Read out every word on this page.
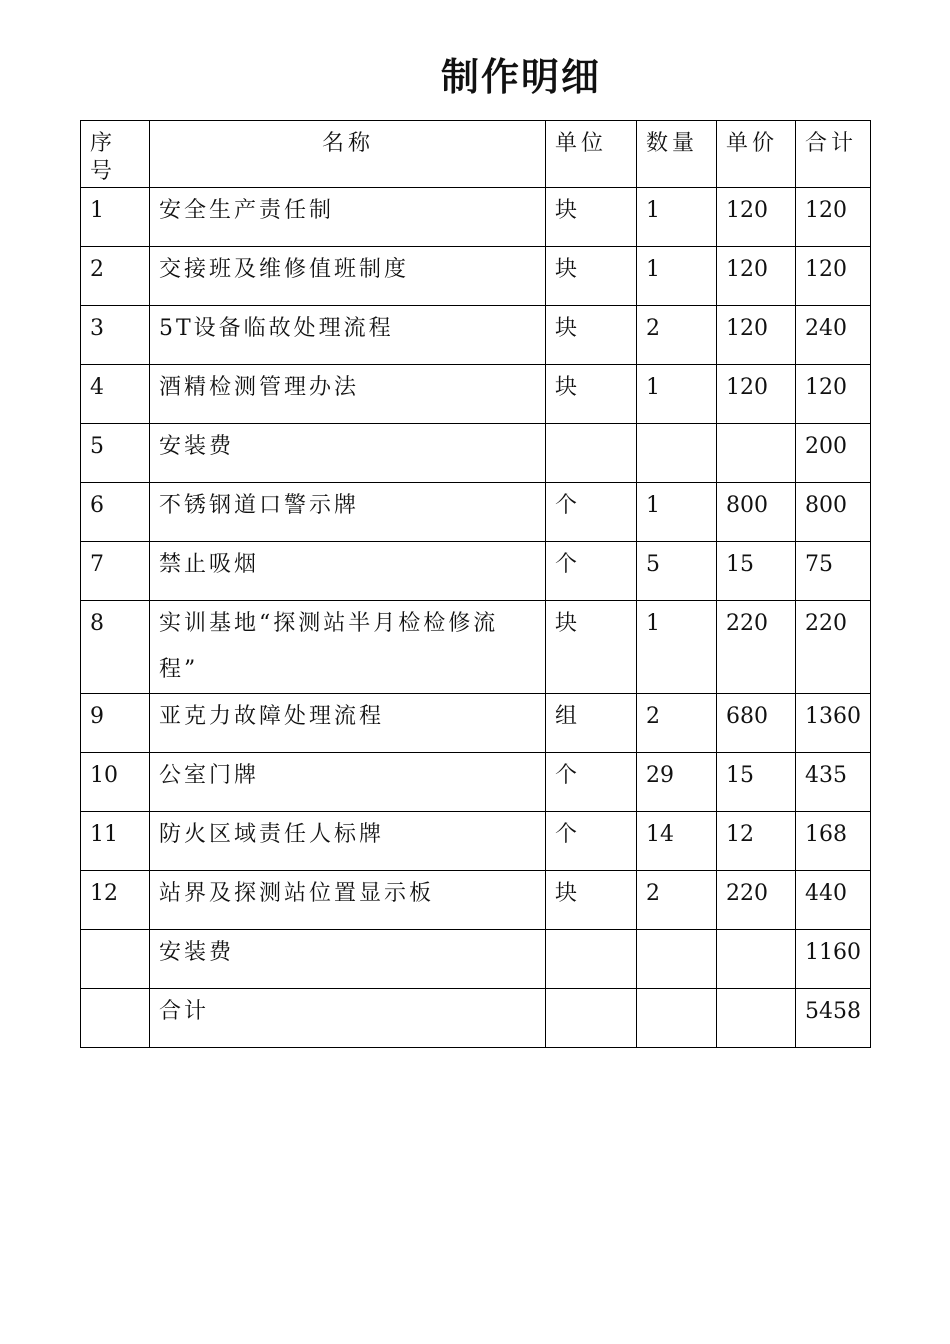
制作明细
序号	名称	单位	数量	单价	合计
1	安全生产责任制	块	1	120	120
2	交接班及维修值班制度	块	1	120	120
3	5T设备临故处理流程	块	2	120	240
4	酒精检测管理办法	块	1	120	120
5	安装费				200
6	不锈钢道口警示牌	个	1	800	800
7	禁止吸烟	个	5	15	75
8	实训基地“探测站半月检检修流程”	块	1	220	220
9	亚克力故障处理流程	组	2	680	1360
10	公室门牌	个	29	15	435
11	防火区域责任人标牌	个	14	12	168
12	站界及探测站位置显示板	块	2	220	440
	安装费				1160
	合计				5458
